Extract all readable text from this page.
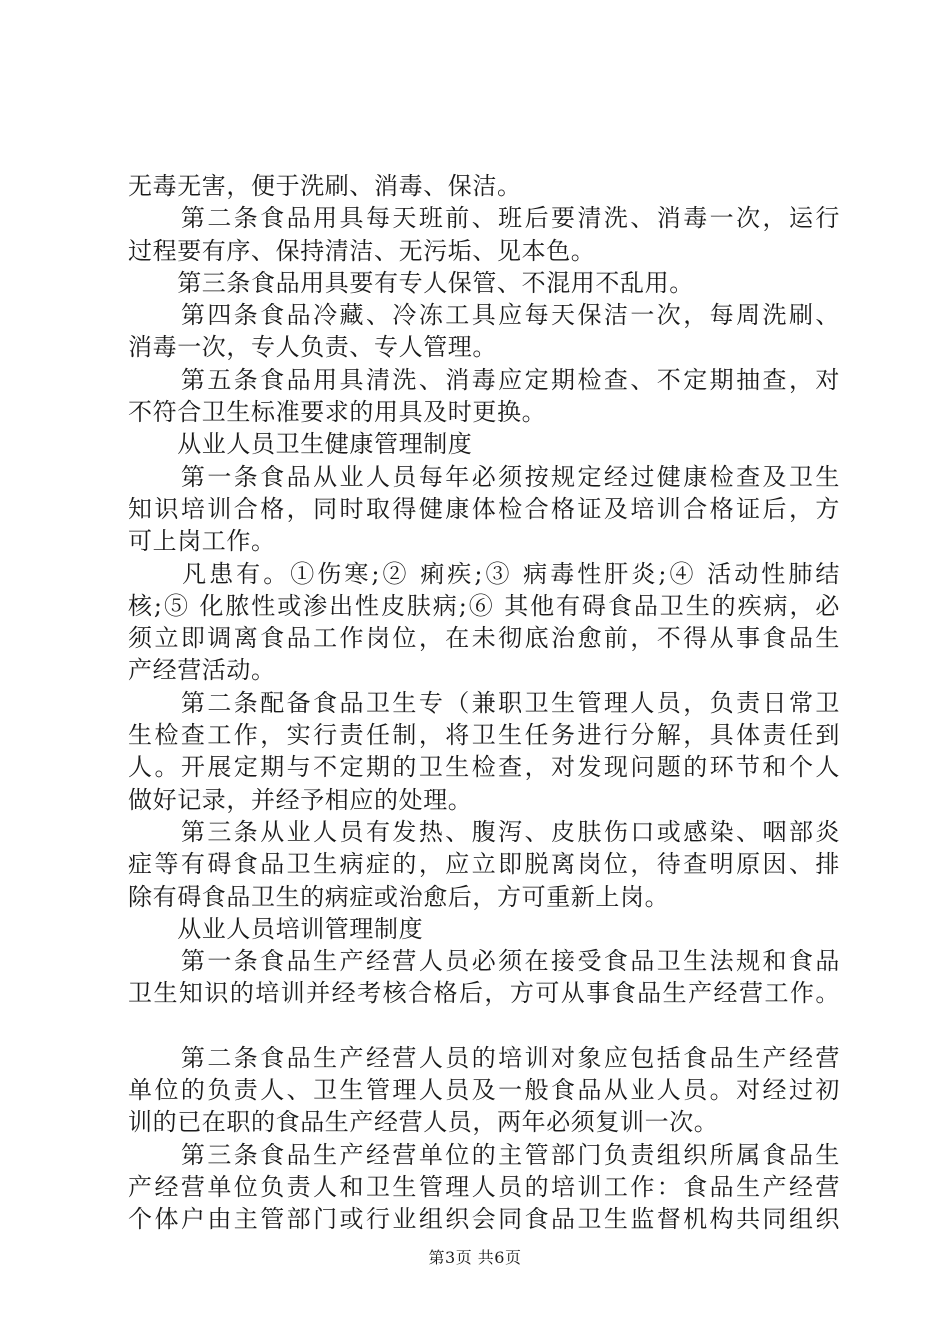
无毒无害，便于洗刷、消毒、保洁。
　　第二条食品用具每天班前、班后要清洗、消毒一次，运行
过程要有序、保持清洁、无污垢、见本色。
　　第三条食品用具要有专人保管、不混用不乱用。
　　第四条食品冷藏、冷冻工具应每天保洁一次，每周洗刷、
消毒一次，专人负责、专人管理。
　　第五条食品用具清洗、消毒应定期检查、不定期抽查，对
不符合卫生标准要求的用具及时更换。
　　从业人员卫生健康管理制度
　　第一条食品从业人员每年必须按规定经过健康检查及卫生
知识培训合格，同时取得健康体检合格证及培训合格证后，方
可上岗工作。
　　凡患有。①伤寒;② 痢疾;③ 病毒性肝炎;④ 活动性肺结
核;⑤ 化脓性或渗出性皮肤病;⑥ 其他有碍食品卫生的疾病，必
须立即调离食品工作岗位，在未彻底治愈前，不得从事食品生
产经营活动。
　　第二条配备食品卫生专（兼职卫生管理人员，负责日常卫
生检查工作，实行责任制，将卫生任务进行分解，具体责任到
人。开展定期与不定期的卫生检查，对发现问题的环节和个人
做好记录，并经予相应的处理。
　　第三条从业人员有发热、腹泻、皮肤伤口或感染、咽部炎
症等有碍食品卫生病症的，应立即脱离岗位，待查明原因、排
除有碍食品卫生的病症或治愈后，方可重新上岗。
　　从业人员培训管理制度
　　第一条食品生产经营人员必须在接受食品卫生法规和食品
卫生知识的培训并经考核合格后，方可从事食品生产经营工作。
　　第二条食品生产经营人员的培训对象应包括食品生产经营
单位的负责人、卫生管理人员及一般食品从业人员。对经过初
训的已在职的食品生产经营人员，两年必须复训一次。
　　第三条食品生产经营单位的主管部门负责组织所属食品生
产经营单位负责人和卫生管理人员的培训工作：食品生产经营
个体户由主管部门或行业组织会同食品卫生监督机构共同组织
第3页 共6页
